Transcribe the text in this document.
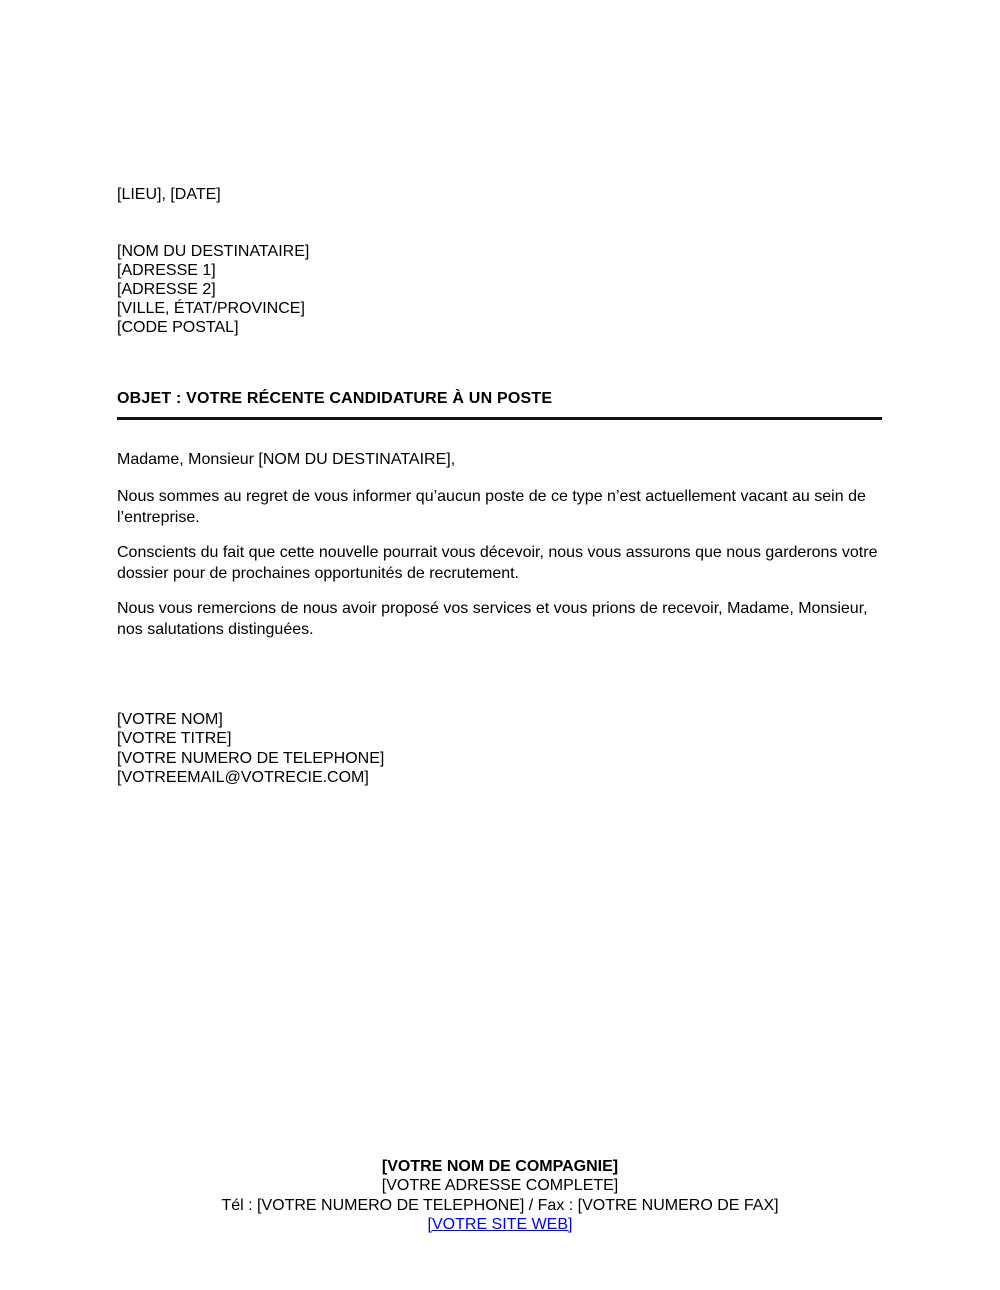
[LIEU], [DATE]
[NOM DU DESTINATAIRE]
[ADRESSE 1]
[ADRESSE 2]
[VILLE, ÉTAT/PROVINCE]
[CODE POSTAL]
OBJET : VOTRE RÉCENTE CANDIDATURE À UN POSTE
Madame, Monsieur [NOM DU DESTINATAIRE],
Nous sommes au regret de vous informer qu’aucun poste de ce type n’est actuellement vacant au sein de l’entreprise.
Conscients du fait que cette nouvelle pourrait vous décevoir, nous vous assurons que nous garderons votre dossier pour de prochaines opportunités de recrutement.
Nous vous remercions de nous avoir proposé vos services et vous prions de recevoir, Madame, Monsieur, nos salutations distinguées.
[VOTRE NOM]
[VOTRE TITRE]
[VOTRE NUMERO DE TELEPHONE]
[VOTREEMAIL@VOTRECIE.COM]
[VOTRE NOM DE COMPAGNIE]
[VOTRE ADRESSE COMPLETE]
Tél : [VOTRE NUMERO DE TELEPHONE] / Fax : [VOTRE NUMERO DE FAX]
[VOTRE SITE WEB]
